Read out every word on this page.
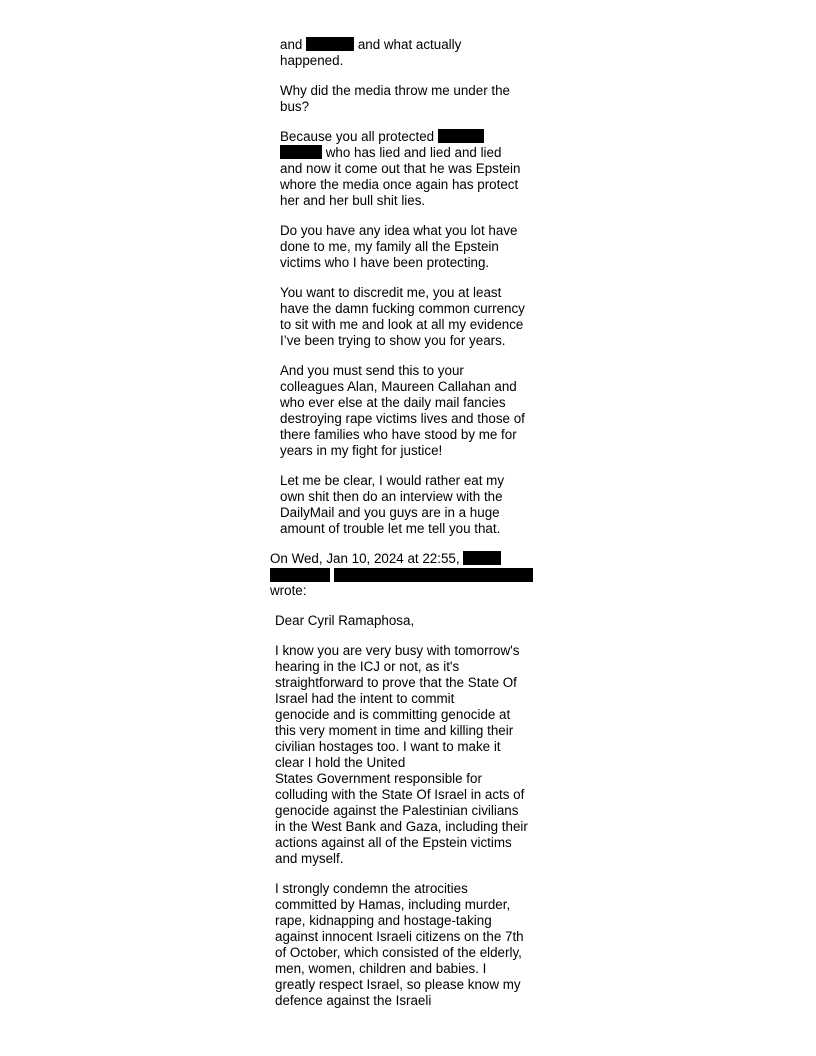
and	and what actually
happened.
Why did the media throw me under the
bus?
Because you all protected
who has lied and lied and lied
and now it come out that he was Epstein
whore the media once again has protect
her and her bull shit lies.
Do you have any idea what you lot have
done to me, my family all the Epstein
victims who I have been protecting.
You want to discredit me, you at least
have the damn fucking common currency
to sit with me and look at all my evidence
I’ve been trying to show you for years.
And you must send this to your
colleagues Alan, Maureen Callahan and
who ever else at the daily mail fancies
destroying rape victims lives and those of
there families who have stood by me for
years in my fight for justice!
Let me be clear, I would rather eat my
own shit then do an interview with the
DailyMail and you guys are in a huge
amount of trouble let me tell you that.
On Wed, Jan 10, 2024 at 22:55,
wrote:
Dear Cyril Ramaphosa,
I know you are very busy with tomorrow's
hearing in the ICJ or not, as it's
straightforward to prove that the State Of
Israel had the intent to commit
genocide and is committing genocide at
this very moment in time and killing their
civilian hostages too. I want to make it
clear I hold the United
States Government responsible for
colluding with the State Of Israel in acts of
genocide against the Palestinian civilians
in the West Bank and Gaza, including their
actions against all of the Epstein victims
and myself.
I strongly condemn the atrocities
committed by Hamas, including murder,
rape, kidnapping and hostage-taking
against innocent Israeli citizens on the 7th
of October, which consisted of the elderly,
men, women, children and babies. I
greatly respect Israel, so please know my
defence against the Israeli
